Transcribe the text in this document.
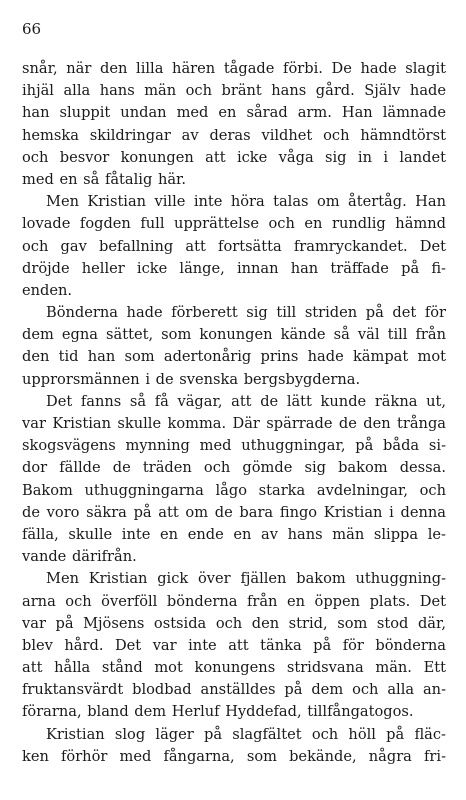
66
snår, när den lilla hären tågade förbi. De hade slagit
ihjäl alla hans män och bränt hans gård. Själv hade
han sluppit undan med en sårad arm. Han lämnade
hemska skildringar av deras vildhet och hämndtörst
och besvor konungen att icke våga sig in i landet
med en så fåtalig här.
Men Kristian ville inte höra talas om återtåg. Han
lovade fogden full upprättelse och en rundlig hämnd
och gav befallning att fortsätta framryckandet. Det
dröjde heller icke länge, innan han träffade på fi-
enden.
Bönderna hade förberett sig till striden på det för
dem egna sättet, som konungen kände så väl till från
den tid han som adertonårig prins hade kämpat mot
upprorsmännen i de svenska bergsbygderna.
Det fanns så få vägar, att de lätt kunde räkna ut,
var Kristian skulle komma. Där spärrade de den trånga
skogsvägens mynning med uthuggningar, på båda si-
dor fällde de träden och gömde sig bakom dessa.
Bakom uthuggningarna lågo starka avdelningar, och
de voro säkra på att om de bara fingo Kristian i denna
fälla, skulle inte en ende en av hans män slippa le-
vande därifrån.
Men Kristian gick över fjällen bakom uthuggning-
arna och överföll bönderna från en öppen plats. Det
var på Mjösens ostsida och den strid, som stod där,
blev hård. Det var inte att tänka på för bönderna
att hålla stånd mot konungens stridsvana män. Ett
fruktansvärdt blodbad anställdes på dem och alla an-
förarna, bland dem Herluf Hyddefad, tillfångatogos.
Kristian slog läger på slagfältet och höll på fläc-
ken förhör med fångarna, som bekände, några fri-
